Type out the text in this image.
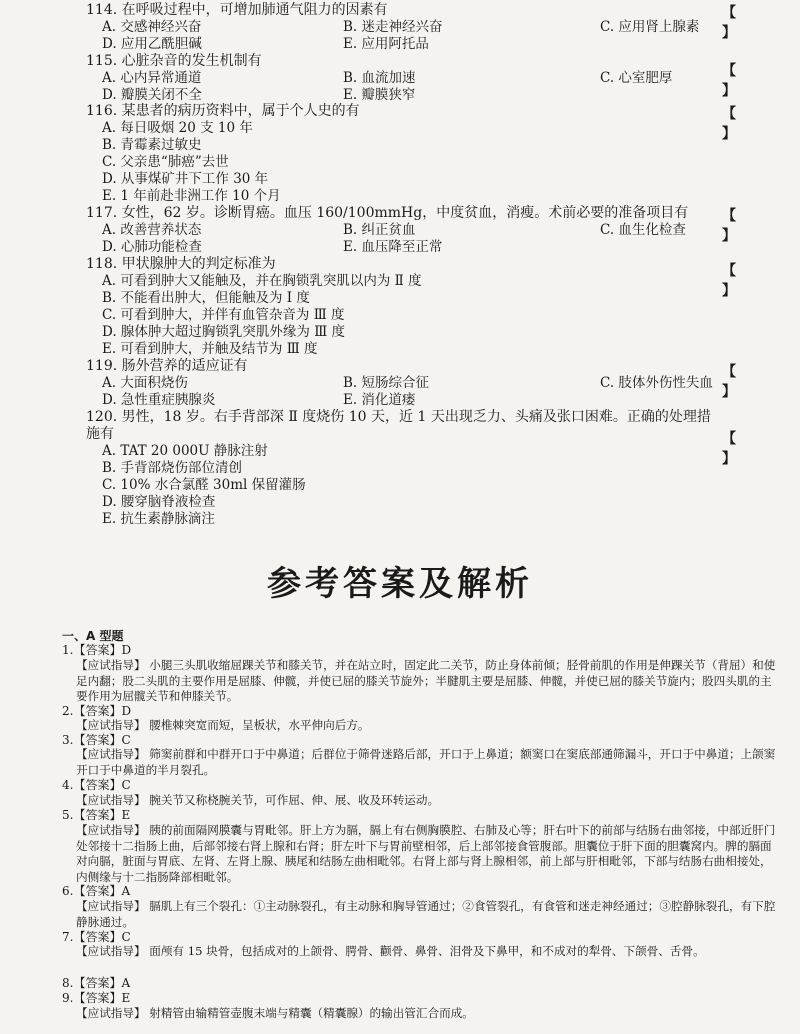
114. 在呼吸过程中，可增加肺通气阻力的因素有	【 】
A. 交感神经兴奋	B. 迷走神经兴奋	C. 应用肾上腺素
D. 应用乙酰胆碱	E. 应用阿托品
115. 心脏杂音的发生机制有
【 】
A. 心内异常通道	B. 血流加速	C. 心室肥厚
D. 瓣膜关闭不全	E. 瓣膜狭窄
116. 某患者的病历资料中，属于个人史的有	【 】
A. 每日吸烟 20 支 10 年
B. 青霉素过敏史
C. 父亲患“肺癌”去世
D. 从事煤矿井下工作 30 年
E. 1 年前赴非洲工作 10 个月
117. 女性，62 岁。诊断胃癌。血压 160/100mmHg，中度贫血，消瘦。术前必要的准备项目有 【 】
A. 改善营养状态	B. 纠正贫血	C. 血生化检查
D. 心肺功能检查	E. 血压降至正常
118. 甲状腺肿大的判定标准为	【 】
A. 可看到肿大又能触及，并在胸锁乳突肌以内为 Ⅱ 度
B. 不能看出肿大，但能触及为 Ⅰ 度
C. 可看到肿大，并伴有血管杂音为 Ⅲ 度
D. 腺体肿大超过胸锁乳突肌外缘为 Ⅲ 度
E. 可看到肿大，并触及结节为 Ⅲ 度
119. 肠外营养的适应证有	【 】
A. 大面积烧伤	B. 短肠综合征	C. 肢体外伤性失血
D. 急性重症胰腺炎	E. 消化道瘘
120. 男性，18 岁。右手背部深 Ⅱ 度烧伤 10 天，近 1 天出现乏力、头痛及张口困难。正确的处理措
施有	【 】
A. TAT 20 000U 静脉注射
B. 手背部烧伤部位清创
C. 10% 水合氯醛 30ml 保留灌肠
D. 腰穿脑脊液检查
E. 抗生素静脉滴注
参考答案及解析
一、A 型题
1.【答案】D
【应试指导】 小腿三头肌收缩屈踝关节和膝关节，并在站立时，固定此二关节，防止身体前倾；胫骨前肌的作用是伸踝关节（背屈）和使足内翻；股二头肌的主要作用是屈膝、伸髋，并使已屈的膝关节旋外；半腱肌主要是屈膝、伸髋，并使已屈的膝关节旋内；股四头肌的主要作用为屈髋关节和伸膝关节。
2.【答案】D
【应试指导】 腰椎棘突宽而短，呈板状，水平伸向后方。
3.【答案】C
【应试指导】 筛窦前群和中群开口于中鼻道；后群位于筛骨迷路后部，开口于上鼻道；额窦口在窦底部通筛漏斗，开口于中鼻道；上颌窦开口于中鼻道的半月裂孔。
4.【答案】C
【应试指导】 腕关节又称桡腕关节，可作屈、伸、展、收及环转运动。
5.【答案】E
【应试指导】 胰的前面隔网膜囊与胃毗邻。肝上方为膈，膈上有右侧胸膜腔、右肺及心等；肝右叶下的前部与结肠右曲邻接，中部近肝门处邻接十二指肠上曲，后部邻接右肾上腺和右肾；肝左叶下与胃前壁相邻，后上部邻接食管腹部。胆囊位于肝下面的胆囊窝内。脾的膈面对向膈，脏面与胃底、左肾、左肾上腺、胰尾和结肠左曲相毗邻。右肾上部与肾上腺相邻，前上部与肝相毗邻，下部与结肠右曲相接处，内侧缘与十二指肠降部相毗邻。
6.【答案】A
【应试指导】 膈肌上有三个裂孔：①主动脉裂孔，有主动脉和胸导管通过；②食管裂孔，有食管和迷走神经通过；③腔静脉裂孔，有下腔静脉通过。
7.【答案】C
【应试指导】 面颅有 15 块骨，包括成对的上颌骨、腭骨、颧骨、鼻骨、泪骨及下鼻甲，和不成对的犁骨、下颌骨、舌骨。
8.【答案】A
9.【答案】E
【应试指导】 射精管由输精管壶腹末端与精囊（精囊腺）的输出管汇合而成。
